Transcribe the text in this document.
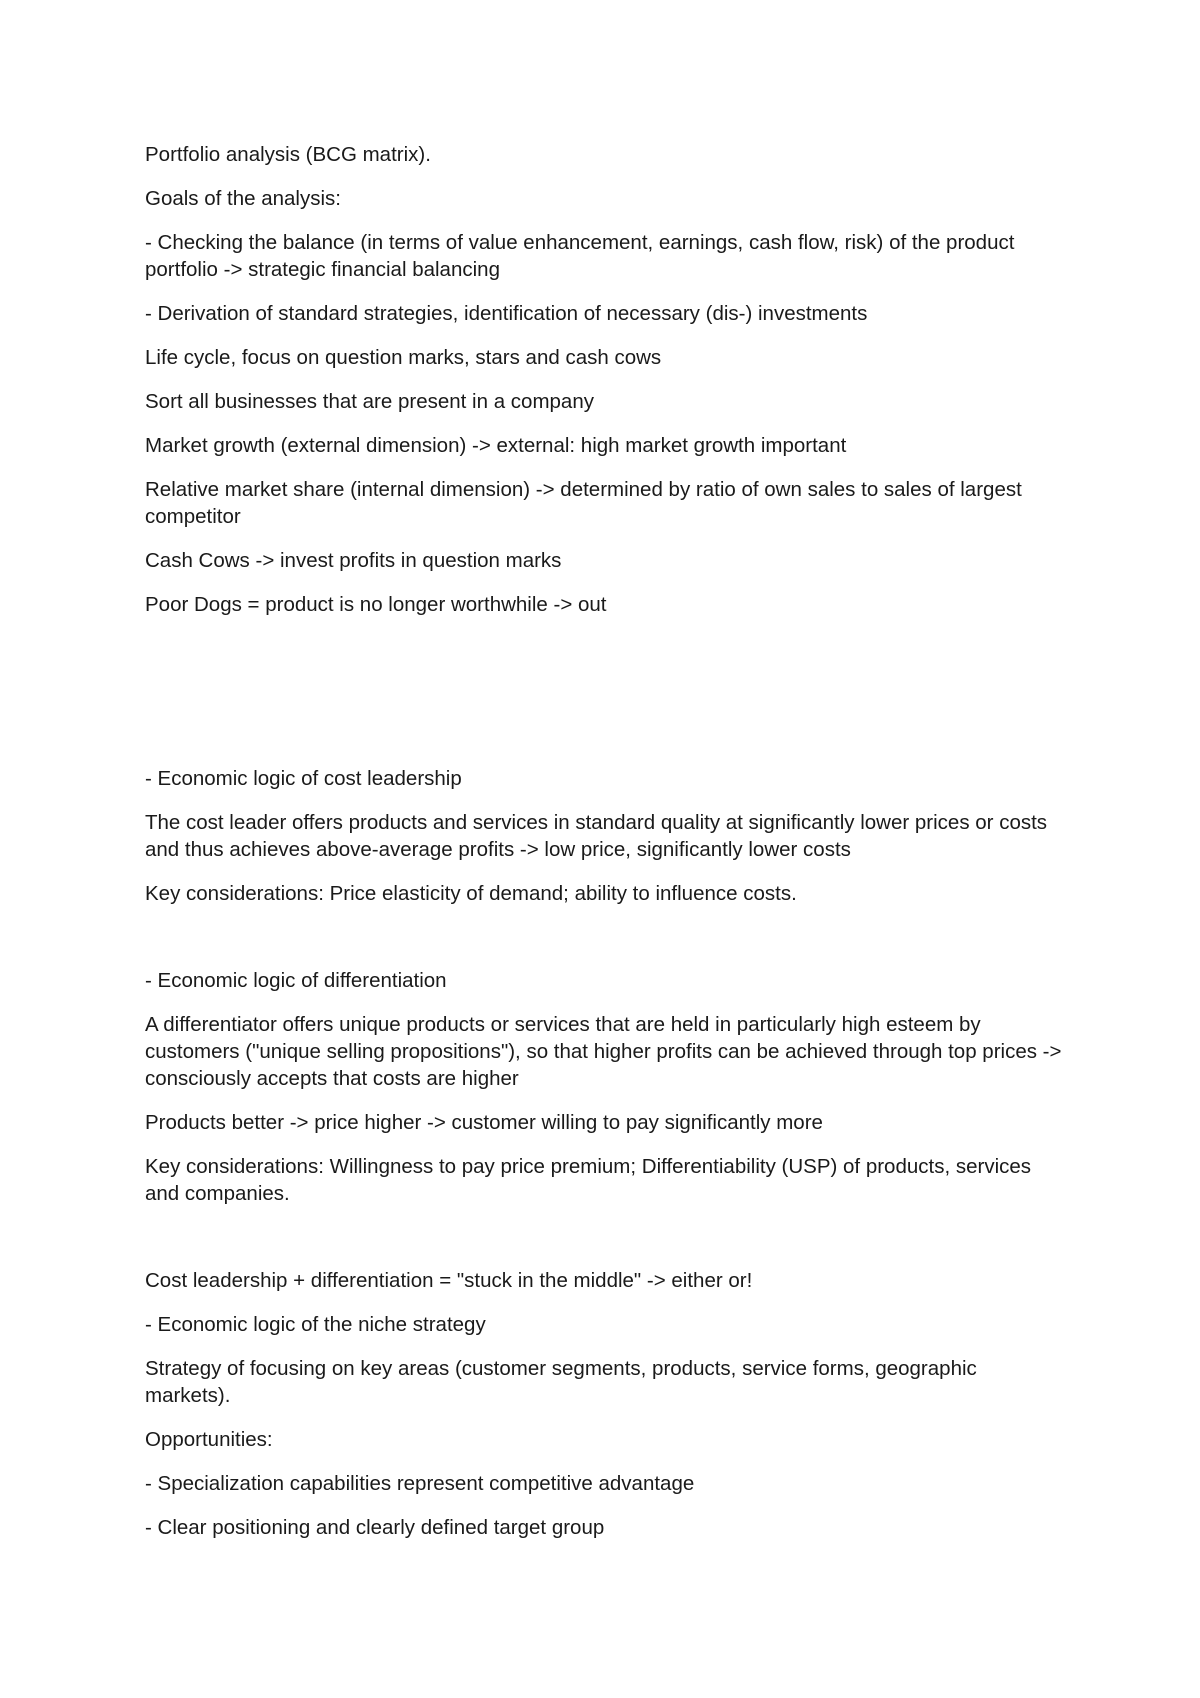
Portfolio analysis (BCG matrix).

Goals of the analysis:

- Checking the balance (in terms of value enhancement, earnings, cash flow, risk) of the product portfolio -> strategic financial balancing

- Derivation of standard strategies, identification of necessary (dis-) investments

Life cycle, focus on question marks, stars and cash cows

Sort all businesses that are present in a company

Market growth (external dimension) -> external: high market growth important

Relative market share (internal dimension) -> determined by ratio of own sales to sales of largest competitor

Cash Cows -> invest profits in question marks

Poor Dogs = product is no longer worthwhile -> out

- Economic logic of cost leadership

The cost leader offers products and services in standard quality at significantly lower prices or costs and thus achieves above-average profits -> low price, significantly lower costs

Key considerations: Price elasticity of demand; ability to influence costs.

- Economic logic of differentiation

A differentiator offers unique products or services that are held in particularly high esteem by customers ("unique selling propositions"), so that higher profits can be achieved through top prices -> consciously accepts that costs are higher

Products better -> price higher -> customer willing to pay significantly more

Key considerations: Willingness to pay price premium; Differentiability (USP) of products, services and companies.

Cost leadership + differentiation = "stuck in the middle" -> either or!

- Economic logic of the niche strategy

Strategy of focusing on key areas (customer segments, products, service forms, geographic markets).

Opportunities:

- Specialization capabilities represent competitive advantage

- Clear positioning and clearly defined target group
